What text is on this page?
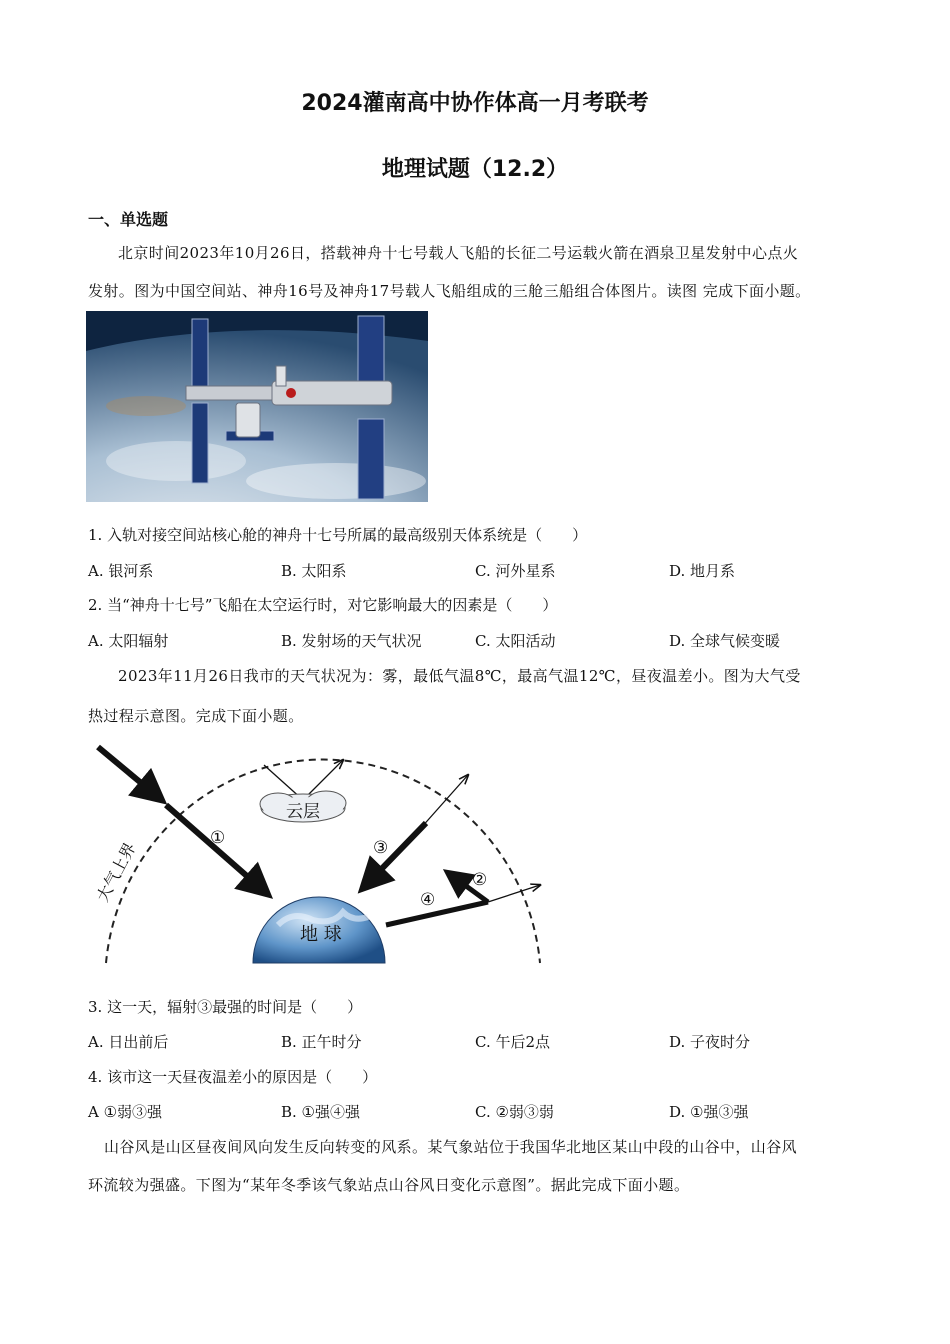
2024灌南高中协作体高一月考联考
地理试题（12.2）
一、单选题
北京时间2023年10月26日，搭载神舟十七号载人飞船的长征二号运载火箭在酒泉卫星发射中心点火
发射。图为中国空间站、神舟16号及神舟17号载人飞船组成的三舱三船组合体图片。读图 完成下面小题。
1. 入轨对接空间站核心舱的神舟十七号所属的最高级别天体系统是（　　）
A. 银河系	B. 太阳系	C. 河外星系	D. 地月系
2. 当“神舟十七号”飞船在太空运行时，对它影响最大的因素是（　　）
A. 太阳辐射	B. 发射场的天气状况	C. 太阳活动	D. 全球气候变暖
2023年11月26日我市的天气状况为：雾，最低气温8℃，最高气温12℃，昼夜温差小。图为大气受
热过程示意图。完成下面小题。
地 球
①
云层
③
④
②
大气上界
3. 这一天，辐射③最强的时间是（　　）
A. 日出前后	B. 正午时分	C. 午后2点	D. 子夜时分
4. 该市这一天昼夜温差小的原因是（　　）
A ①弱③强	B. ①强④强	C. ②弱③弱	D. ①强③强
山谷风是山区昼夜间风向发生反向转变的风系。某气象站位于我国华北地区某山中段的山谷中，山谷风
环流较为强盛。下图为“某年冬季该气象站点山谷风日变化示意图”。据此完成下面小题。
